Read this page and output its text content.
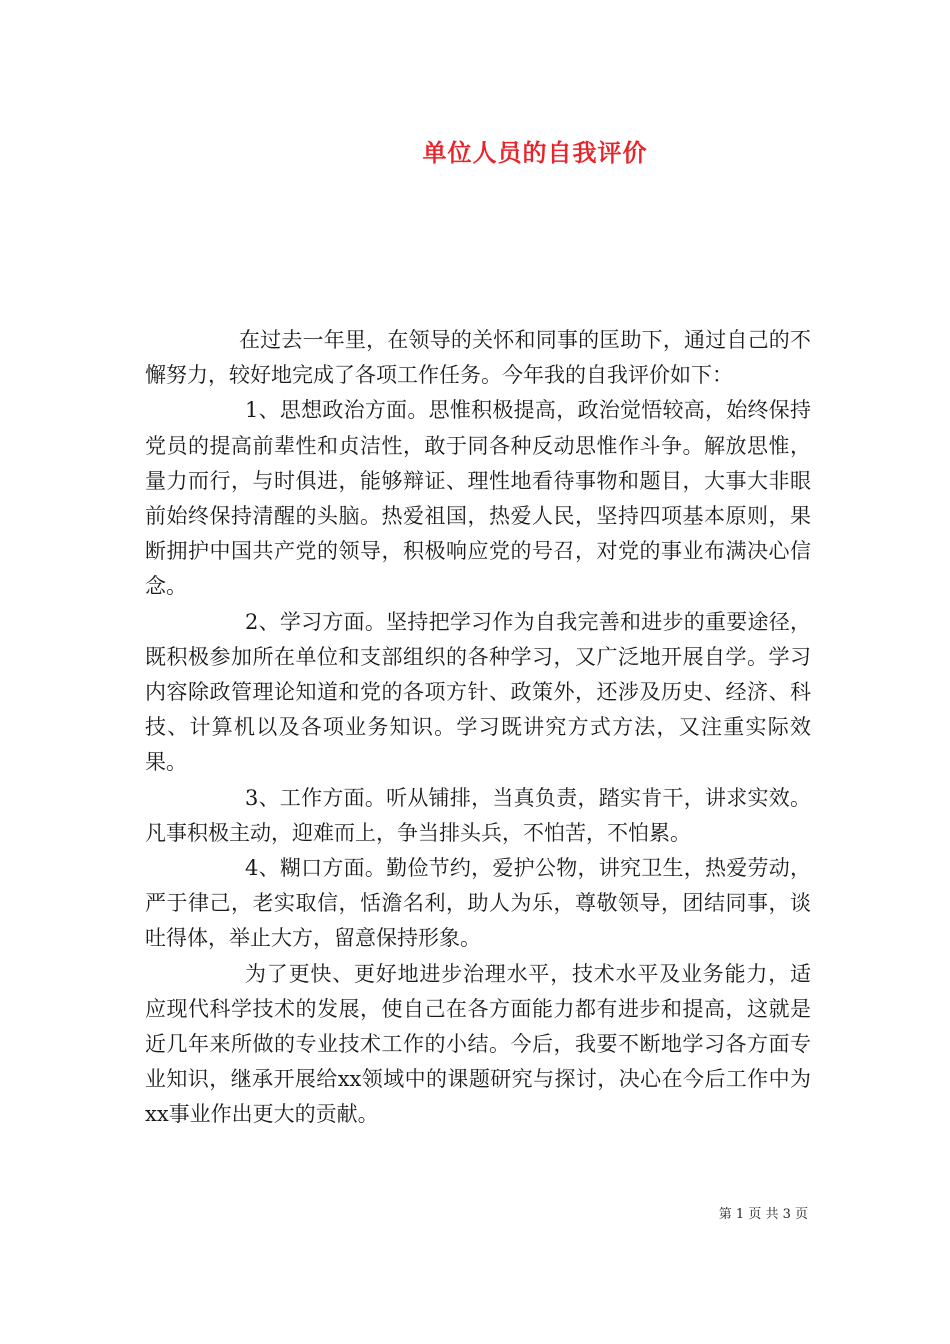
单位人员的自我评价

在过去一年里，在领导的关怀和同事的匡助下，通过自己的不懈努力，较好地完成了各项工作任务。今年我的自我评价如下：

1、思想政治方面。思惟积极提高，政治觉悟较高，始终保持党员的提高前辈性和贞洁性，敢于同各种反动思惟作斗争。解放思惟，量力而行，与时俱进，能够辩证、理性地看待事物和题目，大事大非眼前始终保持清醒的头脑。热爱祖国，热爱人民，坚持四项基本原则，果断拥护中国共产党的领导，积极响应党的号召，对党的事业布满决心信念。

2、学习方面。坚持把学习作为自我完善和进步的重要途径，既积极参加所在单位和支部组织的各种学习，又广泛地开展自学。学习内容除政管理论知道和党的各项方针、政策外，还涉及历史、经济、科技、计算机以及各项业务知识。学习既讲究方式方法，又注重实际效果。

3、工作方面。听从铺排，当真负责，踏实肯干，讲求实效。凡事积极主动，迎难而上，争当排头兵，不怕苦，不怕累。

4、糊口方面。勤俭节约，爱护公物，讲究卫生，热爱劳动，严于律己，老实取信，恬澹名利，助人为乐，尊敬领导，团结同事，谈吐得体，举止大方，留意保持形象。

为了更快、更好地进步治理水平，技术水平及业务能力，适应现代科学技术的发展，使自己在各方面能力都有进步和提高，这就是近几年来所做的专业技术工作的小结。今后，我要不断地学习各方面专业知识，继承开展给xx领域中的课题研究与探讨，决心在今后工作中为xx事业作出更大的贡献。

第 1 页 共 3 页
